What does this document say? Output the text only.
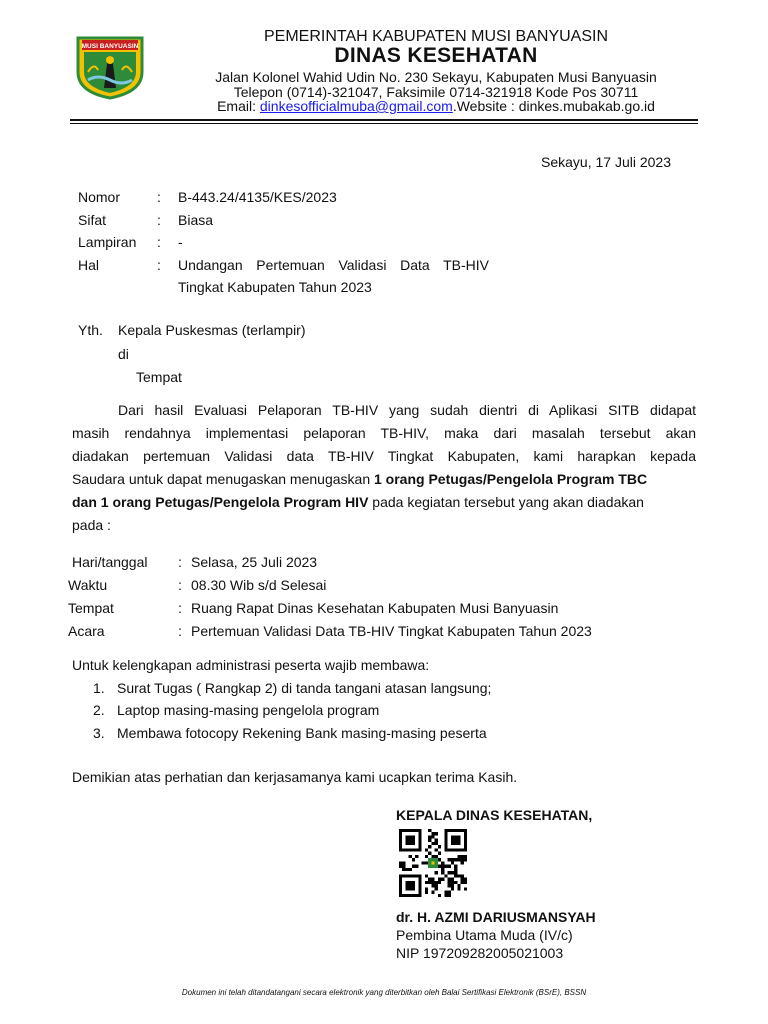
MUSI BANYUASIN
PEMERINTAH KABUPATEN MUSI BANYUASIN
DINAS KESEHATAN
Jalan Kolonel Wahid Udin No. 230 Sekayu, Kabupaten Musi Banyuasin
Telepon (0714)-321047, Faksimile 0714-321918 Kode Pos 30711
Email: dinkesofficialmuba@gmail.com.Website : dinkes.mubakab.go.id
Sekayu, 17 Juli 2023
Nomor	: B-443.24/4135/KES/2023
Sifat	: Biasa
Lampiran : -
Hal	: Undangan Pertemuan Validasi Data TB-HIV
Tingkat Kabupaten Tahun 2023
Yth. Kepala Puskesmas (terlampir)
di
Tempat
Dari hasil Evaluasi Pelaporan TB-HIV yang sudah dientri di Aplikasi SITB didapat
masih rendahnya implementasi pelaporan TB-HIV, maka dari masalah tersebut akan
diadakan pertemuan Validasi data TB-HIV Tingkat Kabupaten, kami harapkan kepada
Saudara untuk dapat menugaskan menugaskan 1 orang Petugas/Pengelola Program TBC
dan 1 orang Petugas/Pengelola Program HIV pada kegiatan tersebut yang akan diadakan
pada :
Hari/tanggal : Selasa, 25 Juli 2023
Waktu	: 08.30 Wib s/d Selesai
Tempat	: Ruang Rapat Dinas Kesehatan Kabupaten Musi Banyuasin
Acara	: Pertemuan Validasi Data TB-HIV Tingkat Kabupaten Tahun 2023
Untuk kelengkapan administrasi peserta wajib membawa:
1. Surat Tugas ( Rangkap 2) di tanda tangani atasan langsung;
2. Laptop masing-masing pengelola program
3. Membawa fotocopy Rekening Bank masing-masing peserta
Demikian atas perhatian dan kerjasamanya kami ucapkan terima Kasih.
KEPALA DINAS KESEHATAN,
dr. H. AZMI DARIUSMANSYAH
Pembina Utama Muda (IV/c)
NIP 197209282005021003
Dokumen ini telah ditandatangani secara elektronik yang diterbitkan oleh Balai Sertifikasi Elektronik (BSrE), BSSN
